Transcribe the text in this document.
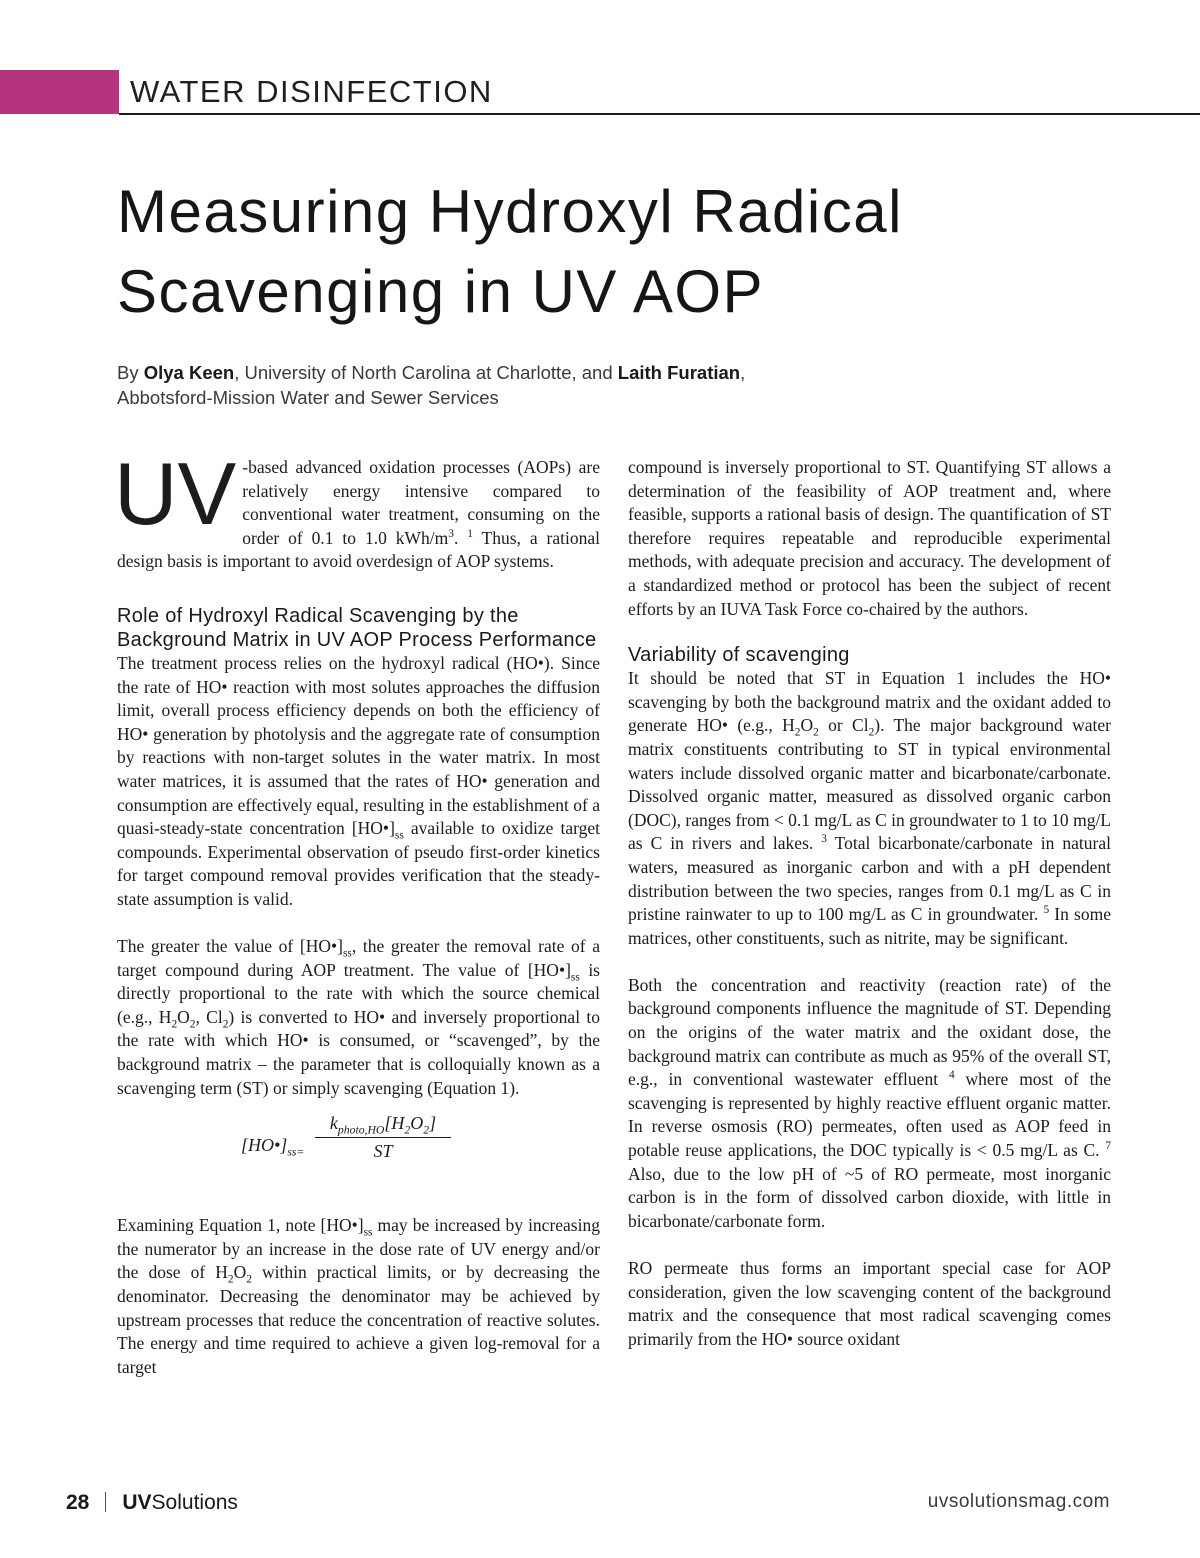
WATER DISINFECTION
Measuring Hydroxyl Radical
Scavenging in UV AOP

By Olya Keen, University of North Carolina at Charlotte, and Laith Furatian,
Abbotsford-Mission Water and Sewer Services

UV -based advanced oxidation processes (AOPs) are relatively energy intensive compared to conventional water treatment, consuming on the order of 0.1 to 1.0 kWh/$m^3$. $^1$ Thus, a rational design basis is important to avoid overdesign of AOP systems.

Role of Hydroxyl Radical Scavenging by the Background Matrix in UV AOP Process Performance

The treatment process relies on the hydroxyl radical (HO•). Since the rate of HO• reaction with most solutes approaches the diffusion limit, overall process efficiency depends on both the efficiency of HO• generation by photolysis and the aggregate rate of consumption by reactions with non-target solutes in the water matrix. In most water matrices, it is assumed that the rates of HO• generation and consumption are effectively equal, resulting in the establishment of a quasi-steady-state concentration $[HO•]_{ss}$ available to oxidize target compounds. Experimental observation of pseudo first-order kinetics for target compound removal provides verification that the steady-state assumption is valid.

The greater the value of $[HO•]_{ss}$, the greater the removal rate of a target compound during AOP treatment. The value of $[HO•]_{ss}$ is directly proportional to the rate with which the source chemical (e.g., $H_2O_2$, $Cl_2$) is converted to HO• and inversely proportional to the rate with which HO• is consumed, or “scavenged”, by the background matrix – the parameter that is colloquially known as a scavenging term (ST) or simply scavenging (Equation 1).

$[HO•]_{ss=}$
$k_{photo,HO}[H_2O_2]$
ST

Examining Equation 1, note $[HO•]_{ss}$ may be increased by increasing the numerator by an increase in the dose rate of UV energy and/or the dose of $H_2O_2$ within practical limits, or by decreasing the denominator. Decreasing the denominator may be achieved by upstream processes that reduce the concentration of reactive solutes. The energy and time required to achieve a given log-removal for a target

compound is inversely proportional to ST. Quantifying ST allows a determination of the feasibility of AOP treatment and, where feasible, supports a rational basis of design. The quantification of ST therefore requires repeatable and reproducible experimental methods, with adequate precision and accuracy. The development of a standardized method or protocol has been the subject of recent efforts by an IUVA Task Force co-chaired by the authors.

Variability of scavenging

It should be noted that ST in Equation 1 includes the HO• scavenging by both the background matrix and the oxidant added to generate HO• (e.g., $H_2O_2$ or $Cl_2$). The major background water matrix constituents contributing to ST in typical environmental waters include dissolved organic matter and bicarbonate/carbonate. Dissolved organic matter, measured as dissolved organic carbon (DOC), ranges from < 0.1 mg/L as C in groundwater to 1 to 10 mg/L as C in rivers and lakes. $^3$ Total bicarbonate/carbonate in natural waters, measured as inorganic carbon and with a pH dependent distribution between the two species, ranges from 0.1 mg/L as C in pristine rainwater to up to 100 mg/L as C in groundwater. $^5$ In some matrices, other constituents, such as nitrite, may be significant.

Both the concentration and reactivity (reaction rate) of the background components influence the magnitude of ST. Depending on the origins of the water matrix and the oxidant dose, the background matrix can contribute as much as 95% of the overall ST, e.g., in conventional wastewater effluent $^4$ where most of the scavenging is represented by highly reactive effluent organic matter. In reverse osmosis (RO) permeates, often used as AOP feed in potable reuse applications, the DOC typically is < 0.5 mg/L as C. $^7$ Also, due to the low pH of ~5 of RO permeate, most inorganic carbon is in the form of dissolved carbon dioxide, with little in bicarbonate/carbonate form.

RO permeate thus forms an important special case for AOP consideration, given the low scavenging content of the background matrix and the consequence that most radical scavenging comes primarily from the HO• source oxidant

28 UVSolutions	uvsolutionsmag.com
